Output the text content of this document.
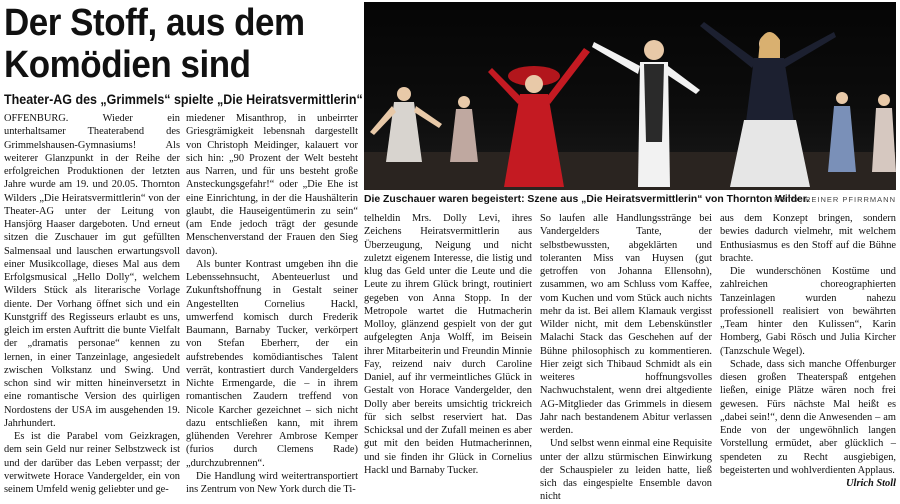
Der Stoff, aus dem
Komödien sind
Theater-AG des „Grimmels“ spielte „Die Heiratsvermittlerin“
Die Zuschauer waren begeistert: Szene aus „Die Heiratsvermittlerin“ von Thornton Wilder.
FOTO: REINER PFIRRMANN

OFFENBURG. Wieder ein unterhaltsamer Theaterabend des Grimmelshausen-Gymnasiums! Als weiterer Glanzpunkt in der Reihe der erfolgreichen Produktionen der letzten Jahre wurde am 19. und 20.05. Thornton Wilders „Die Heiratsvermittlerin“ von der Theater-AG unter der Leitung von Hansjörg Haaser dargeboten. Und erneut sitzen die Zuschauer im gut gefüllten Salmensaal und lauschen erwartungsvoll einer Musikcollage, dieses Mal aus dem Erfolgsmusical „Hello Dolly“, welchem Wilders Stück als literarische Vorlage diente. Der Vorhang öffnet sich und ein Kunstgriff des Regisseurs erlaubt es uns, gleich im ersten Auftritt die bunte Vielfalt der „dramatis personae“ kennen zu lernen, in einer Tanzeinlage, angesiedelt zwischen Volkstanz und Swing. Und schon sind wir mitten hineinversetzt in eine romantische Version des quirligen Nordostens der USA im ausgehenden 19. Jahrhundert.

Es ist die Parabel vom Geizkragen, dem sein Geld nur reiner Selbstzweck ist und der darüber das Leben verpasst; der verwitwete Horace Vandergelder, ein von seinem Umfeld wenig geliebter und ge-

miedener Misanthrop, in unbeirrter Griesgrämigkeit lebensnah dargestellt von Christoph Meidinger, kalauert vor sich hin: „90 Prozent der Welt besteht aus Narren, und für uns besteht große Ansteckungsgefahr!“ oder „Die Ehe ist eine Einrichtung, in der die Haushälterin glaubt, die Hauseigentümerin zu sein“ (am Ende jedoch trägt der gesunde Menschenverstand der Frauen den Sieg davon).

Als bunter Kontrast umgeben ihn die Lebenssehnsucht, Abenteuerlust und Zukunftshoffnung in Gestalt seiner Angestellten Cornelius Hackl, umwerfend komisch durch Frederik Baumann, Barnaby Tucker, verkörpert von Stefan Eberherr, der ein aufstrebendes komödiantisches Talent verrät, kontrastiert durch Vandergelders Nichte Ermengarde, die – in ihrem romantischen Zaudern treffend von Nicole Karcher gezeichnet – sich nicht dazu entschließen kann, mit ihrem glühenden Verehrer Ambrose Kemper (furios durch Clemens Rade) „durchzubrennen“.

Die Handlung wird weitertransportiert ins Zentrum von New York durch die Ti-

telheldin Mrs. Dolly Levi, ihres Zeichens Heiratsvermittlerin aus Überzeugung, Neigung und nicht zuletzt eigenem Interesse, die listig und klug das Geld unter die Leute und die Leute zu ihrem Glück bringt, routiniert gegeben von Anna Stopp. In der Metropole wartet die Hutmacherin Molloy, glänzend gespielt von der gut aufgelegten Anja Wolff, im Beisein ihrer Mitarbeiterin und Freundin Minnie Fay, reizend naiv durch Caroline Daniel, auf ihr vermeintliches Glück in Gestalt von Horace Vandergelder, den Dolly aber bereits umsichtig trickreich für sich selbst reserviert hat. Das Schicksal und der Zufall meinen es aber gut mit den beiden Hutmacherinnen, und sie finden ihr Glück in Cornelius Hackl und Barnaby Tucker.

So laufen alle Handlungsstränge bei Vandergelders Tante, der selbstbewussten, abgeklärten und toleranten Miss van Huysen (gut getroffen von Johanna Ellensohn), zusammen, wo am Schluss vom Kaffee, vom Kuchen und vom Stück auch nichts mehr da ist. Bei allem Klamauk vergisst Wilder nicht, mit dem Lebenskünstler Malachi Stack das Geschehen auf der Bühne philosophisch zu kommentieren. Hier zeigt sich Thibaud Schmidt als ein weiteres hoffnungsvolles Nachwuchstalent, wenn drei altgediente AG-Mitglieder das Grimmels in diesem Jahr nach bestandenem Abitur verlassen werden.

Und selbst wenn einmal eine Requisite unter der allzu stürmischen Einwirkung der Schauspieler zu leiden hatte, ließ sich das eingespielte Ensemble davon nicht

aus dem Konzept bringen, sondern bewies dadurch vielmehr, mit welchem Enthusiasmus es den Stoff auf die Bühne brachte.

Die wunderschönen Kostüme und zahlreichen choreographierten Tanzeinlagen wurden nahezu professionell realisiert von bewährten „Team hinter den Kulissen“, Karin Homberg, Gabi Rösch und Julia Kircher (Tanzschule Wegel).

Schade, dass sich manche Offenburger diesen großen Theaterspaß entgehen ließen, einige Plätze wären noch frei gewesen. Fürs nächste Mal heißt es „dabei sein!“, denn die Anwesenden – am Ende von der ungewöhnlich langen Vorstellung ermüdet, aber glücklich – spendeten zu Recht ausgiebigen, begeisterten und wohlverdienten Applaus.

Ulrich Stoll
